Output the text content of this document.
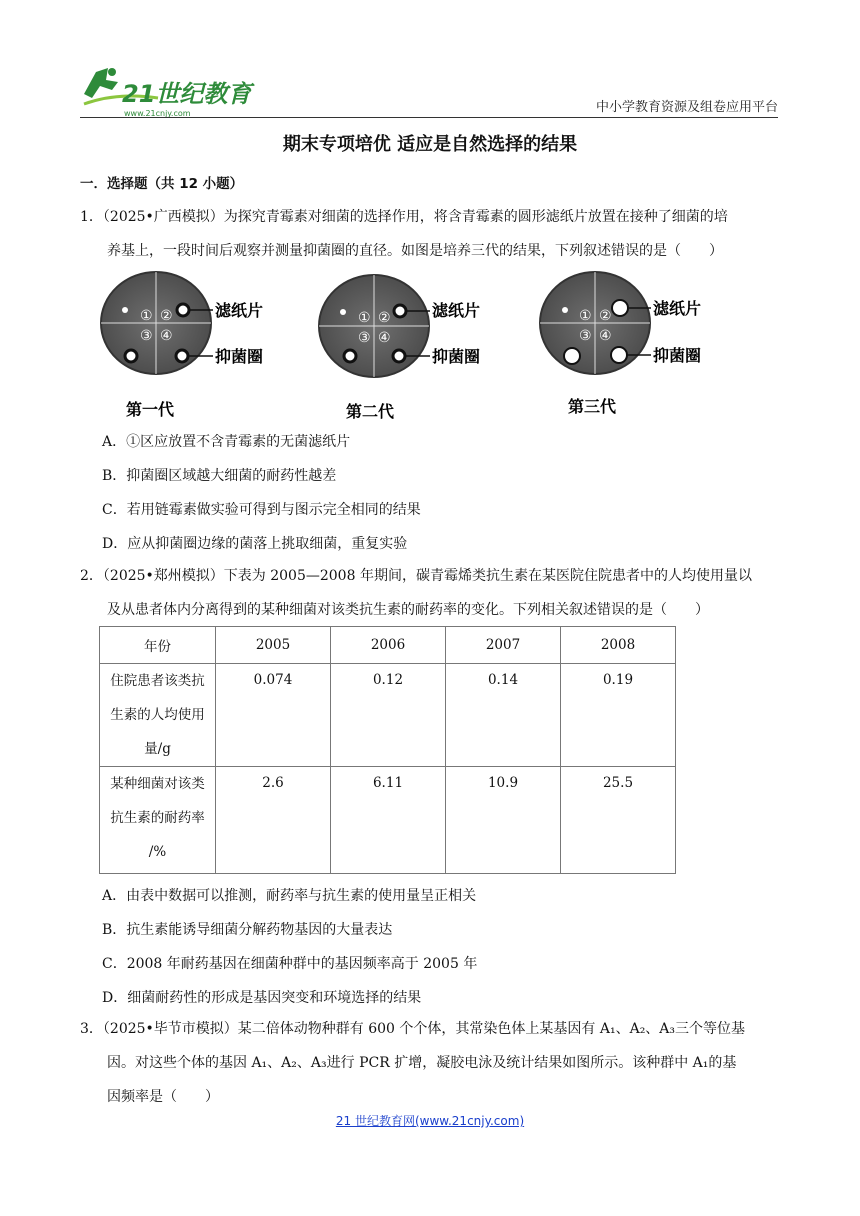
21世纪教育
www.21cnjy.com	中小学教育资源及组卷应用平台
期末专项培优 适应是自然选择的结果
一．选择题（共 12 小题）
1．（2025•广西模拟）为探究青霉素对细菌的选择作用，将含青霉素的圆形滤纸片放置在接种了细菌的培
养基上，一段时间后观察并测量抑菌圈的直径。如图是培养三代的结果，下列叙述错误的是（　　）
① ②
③ ④
滤纸片
抑菌圈
第一代
① ②
③ ④
滤纸片
抑菌圈
第二代
① ②
③ ④
滤纸片
抑菌圈
第三代
A．①区应放置不含青霉素的无菌滤纸片
B．抑菌圈区域越大细菌的耐药性越差
C．若用链霉素做实验可得到与图示完全相同的结果
D．应从抑菌圈边缘的菌落上挑取细菌，重复实验
2．（2025•郑州模拟）下表为 2005—2008 年期间，碳青霉烯类抗生素在某医院住院患者中的人均使用量以
及从患者体内分离得到的某种细菌对该类抗生素的耐药率的变化。下列相关叙述错误的是（　　）
年份	2005	2006	2007	2008

住院患者该类抗
生素的人均使用
量/g	0.074	0.12	0.14	0.19

某种细菌对该类
抗生素的耐药率
/%	2.6	6.11	10.9	25.5
A．由表中数据可以推测，耐药率与抗生素的使用量呈正相关
B．抗生素能诱导细菌分解药物基因的大量表达
C．2008 年耐药基因在细菌种群中的基因频率高于 2005 年
D．细菌耐药性的形成是基因突变和环境选择的结果
3．（2025•毕节市模拟）某二倍体动物种群有 600 个个体，其常染色体上某基因有 A₁、A₂、A₃三个等位基
因。对这些个体的基因 A₁、A₂、A₃进行 PCR 扩增，凝胶电泳及统计结果如图所示。该种群中 A₁的基
因频率是（　　）
21 世纪教育网(www.21cnjy.com)
